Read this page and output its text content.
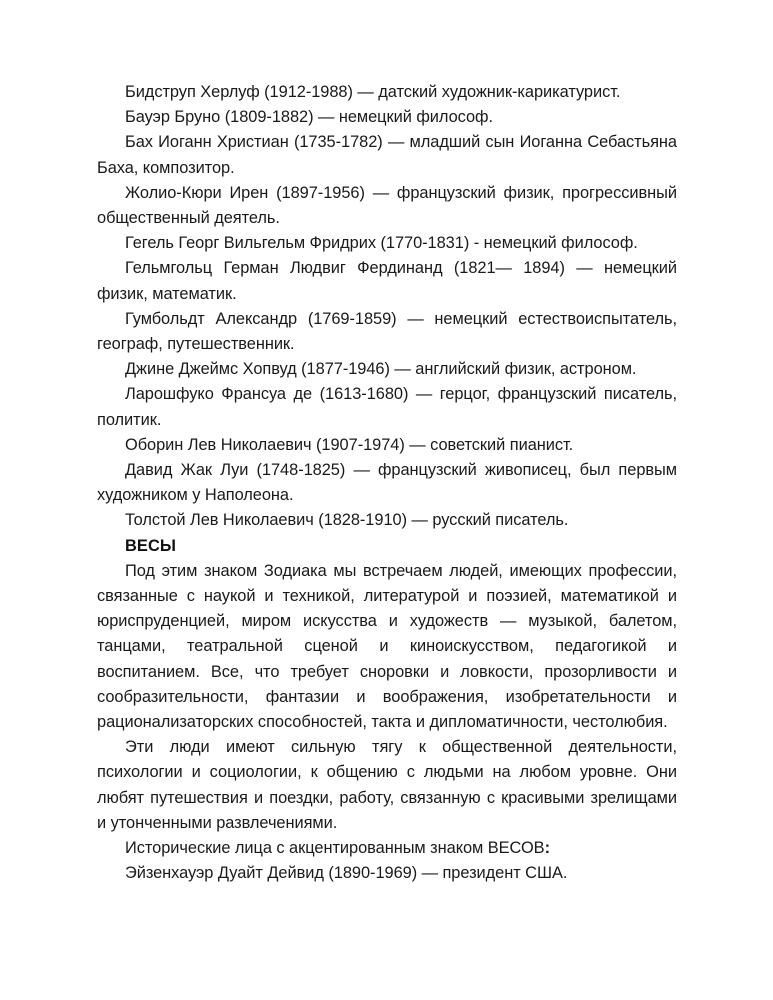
Бидструп Херлуф (1912-1988) — датский художник-карикатурист.

Бауэр Бруно (1809-1882) — немецкий философ.

Бах Иоганн Христиан (1735-1782) — младший сын Иоганна Себастьяна Баха, композитор.

Жолио-Кюри Ирен (1897-1956) — французский физик, прогрессивный общественный деятель.

Гегель Георг Вильгельм Фридрих (1770-1831) - немецкий философ.

Гельмгольц Герман Людвиг Фердинанд (1821— 1894) — немецкий физик, математик.

Гумбольдт Александр (1769-1859) — немецкий естествоиспытатель, географ, путешественник.

Джине Джеймс Хопвуд (1877-1946) — английский физик, астроном.

Ларошфуко Франсуа де (1613-1680) — герцог, французский писатель, политик.

Оборин Лев Николаевич (1907-1974) — советский пианист.

Давид Жак Луи (1748-1825) — французский живописец, был первым художником у Наполеона.

Толстой Лев Николаевич (1828-1910) — русский писатель.

ВЕСЫ

Под этим знаком Зодиака мы встречаем людей, имеющих профессии, связанные с наукой и техникой, литературой и поэзией, математикой и юриспруденцией, миром искусства и художеств — музыкой, балетом, танцами, театральной сценой и киноискусством, педагогикой и воспитанием. Все, что требует сноровки и ловкости, прозорливости и сообразительности, фантазии и воображения, изобретательности и рационализаторских способностей, такта и дипломатичности, честолюбия.

Эти люди имеют сильную тягу к общественной деятельности, психологии и социологии, к общению с людьми на любом уровне. Они любят путешествия и поездки, работу, связанную с красивыми зрелищами и утонченными развлечениями.

Исторические лица с акцентированным знаком ВЕСОВ:

Эйзенхауэр Дуайт Дейвид (1890-1969) — президент США.
